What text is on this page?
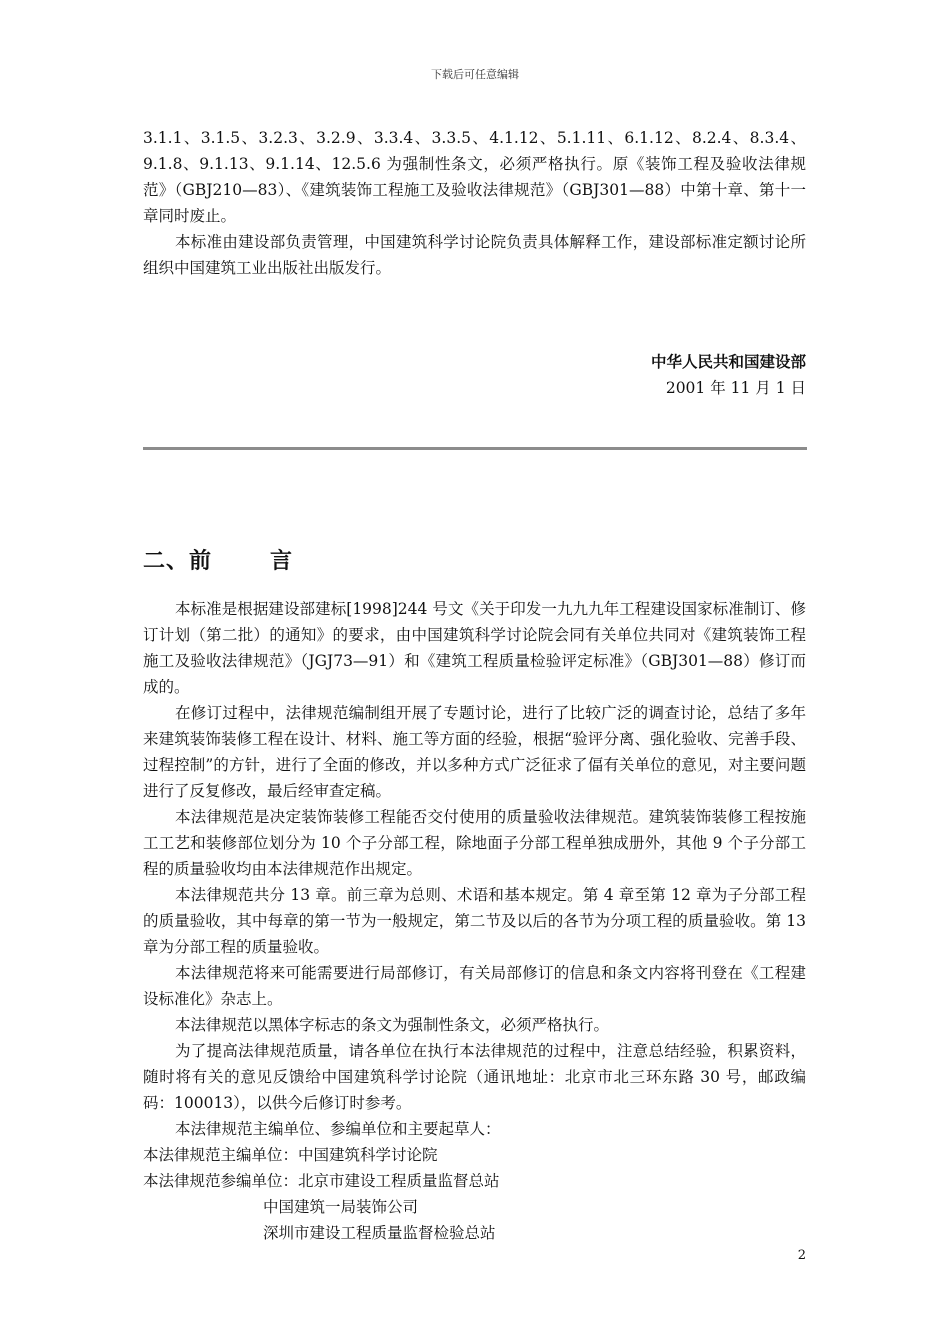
下载后可任意编辑

3.1.1、3.1.5、3.2.3、3.2.9、3.3.4、3.3.5、4.1.12、5.1.11、6.1.12、8.2.4、8.3.4、9.1.8、9.1.13、9.1.14、12.5.6 为强制性条文，必须严格执行。原《装饰工程及验收法律规范》（GBJ210—83）、《建筑装饰工程施工及验收法律规范》（GBJ301—88）中第十章、第十一章同时废止。

本标准由建设部负责管理，中国建筑科学讨论院负责具体解释工作，建设部标准定额讨论所组织中国建筑工业出版社出版发行。

中华人民共和国建设部
2001 年 11 月 1 日
二、前	言

本标准是根据建设部建标[1998]244 号文《关于印发一九九九年工程建设国家标准制订、修订计划（第二批）的通知》的要求，由中国建筑科学讨论院会同有关单位共同对《建筑装饰工程施工及验收法律规范》（JGJ73—91）和《建筑工程质量检验评定标准》（GBJ301—88）修订而成的。

在修订过程中，法律规范编制组开展了专题讨论，进行了比较广泛的调查讨论，总结了多年来建筑装饰装修工程在设计、材料、施工等方面的经验，根据“验评分离、强化验收、完善手段、过程控制”的方针，进行了全面的修改，并以多种方式广泛征求了偪有关单位的意见，对主要问题进行了反复修改，最后经审查定稿。

本法律规范是决定装饰装修工程能否交付使用的质量验收法律规范。建筑装饰装修工程按施工工艺和装修部位划分为 10 个子分部工程，除地面子分部工程单独成册外，其他 9 个子分部工程的质量验收均由本法律规范作出规定。

本法律规范共分 13 章。前三章为总则、术语和基本规定。第 4 章至第 12 章为子分部工程的质量验收，其中每章的第一节为一般规定，第二节及以后的各节为分项工程的质量验收。第 13 章为分部工程的质量验收。

本法律规范将来可能需要进行局部修订，有关局部修订的信息和条文内容将刊登在《工程建设标准化》杂志上。

本法律规范以黑体字标志的条文为强制性条文，必须严格执行。

为了提高法律规范质量，请各单位在执行本法律规范的过程中，注意总结经验，积累资料，随时将有关的意见反馈给中国建筑科学讨论院（通讯地址：北京市北三环东路 30 号，邮政编码：100013），以供今后修订时参考。

本法律规范主编单位、参编单位和主要起草人：

本法律规范主编单位：中国建筑科学讨论院

本法律规范参编单位：北京市建设工程质量监督总站

中国建筑一局装饰公司

深圳市建设工程质量监督检验总站

2
